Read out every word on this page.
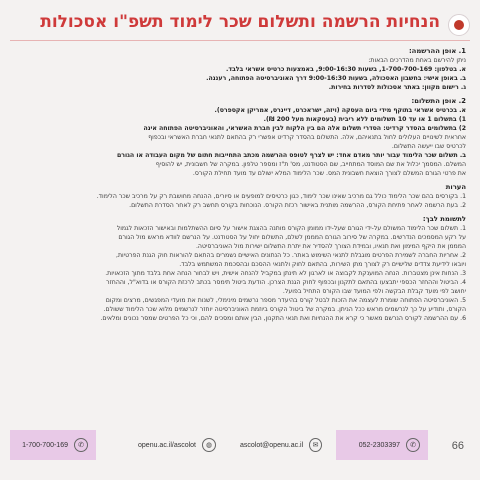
הנחיות הרשמה ותשלום שכר לימוד תשפ"ו אסכולות
1. אופן ההרשמה:
ניתן להירשם באחת מהדרכים הבאות:
א. בטלפון: 1-700-700-169, בשעות 9:00-16:30, באמצעות כרטיס אשראי בלבד.
ב. באופן אישי: בחשבון האסכולה, בשעות 9:00-16:30 דרך האוניברסיטה הפתוחה, רעננה.
ג. רישום מקוון: באתר אסכולות לסדרות בחירות.
2. אופן התשלום:
א. בכרטיס אשראי בתוקף מידי ביום העסקה (ויזה, ישראכרט, דיינרס, אמריקן אקספרס).
1) בתשלום 1 או עד 10 תשלומים ללא ריבית (בעסקאות מעל 200 ₪).
2) בתשלומים בהסדר קרדיט: הסדרי תשלום אלה הם בין הלקוח לבין חברת האשראי, והאוניברסיטה הפתוחה אינה
אחראית לשינויים העלולים לחול בתנאיהם, אלה. התשלום בהסדר קרדיט אפשרי רק בהתאם לתנאי חברת האשראי ובכפוף
לכרטיס שבו ייעשה התשלום.
ב. תשלום שכר הלימוד עבור יותר מאדם אחד: יש לצרף לטופס ההרשמה מכתב התחייבות חתום של מקום העבודה או הגורם
המשלם. המסמך יכלול את שם המוסד המתחייב, שם הסטודנט, מס' ת"ז ומספר טלפון. במקרה של חשבונית, יש להוסיף
את פרטי הגורם המשלם לצורך הוצאת חשבונית המס. שכר הלימוד המלא ישולם עד מועד תחילת הקורס.
הערות
1. בקורסים בהם שכר הלימוד כולל גם מרכיב שאינו שכר לימוד, כגון כרטיסים למופעים או סיורים, ההנחה מחושבת רק על מרכיב שכר הלימוד.
2. בעת הרשמה לאחר פתיחת הקורס, ההרשמה מותנית באישור רכזת הקורס. הנוכחות בקורס תחשב רק לאחר הסדרת התשלום.
לתשומת לבך:
1. תשלום שכר הלימוד המשולם על-ידי הגורם שעל-ידו ממומן הקורס מותנה בהצגת אישור על סיום ההשתלמות ובאישור הזכאות לגמול
על רקע המסמכים הנדרשים. במקרה של סירוב הגורם המממן לשלם, התשלום יחול על הסטודנט. על הנרשם לוודא מראש מול הגורם
המממן את היקף המימון ואת תנאיו, ובמידת הצורך להסדיר את יתרת התשלום ישירות מול האוניברסיטה.
2. אחריות החברה לשמירת הפרטים מוגבלת לתנאי השימוש באתר. כל הנתונים האישיים נשמרים בהתאם להוראות חוק הגנת הפרטיות,
ויובאו לידיעת צדדים שלישיים רק לצורך מתן השירות, בהתאם לחוק ולתנאי ההסכם ובהסכמת המשתמש בלבד.
3. הנחות אינן מצטברות. הנחה המוענקת לקבוצה או לארגון לא תינתן במקביל להנחה אישית, ויש לבחור הנחה אחת בלבד מתוך הזכאויות.
4. הביטול וההחזר הכספי יתבצעו בהתאם לתקנון ובכפוף לחוק הגנת הצרכן. הודעת ביטול תימסר בכתב לרכזת הקורס או בדוא"ל, וההחזר
יחושב לפי מועד קבלת הבקשה ולפי המועד שבו הקורס התחיל בפועל.
5. האוניברסיטה הפתוחה שומרת לעצמה את הזכות לבטל קורס בהיעדר מספר נרשמים מינימלי, לשנות את מועדי המפגשים, מרצים ומקום
הקורס, ותודיע על כך לנרשמים מראש ככל הניתן. במקרה של ביטול הקורס ביוזמת האוניברסיטה יוחזר לנרשמים מלוא שכר הלימוד ששולם.
6. עם ההרשמה לקורס הנרשם מאשר כי קרא את ההנחיות ואת תנאי התקנון, הבין אותם ומסכים להם, וכי כל הפרטים שמסר נכונים ומלאים.
✆
1-700-700-169	◍
openu.ac.il/ascolot	✉
ascolot@openu.ac.il	✆
052-2303397	66
